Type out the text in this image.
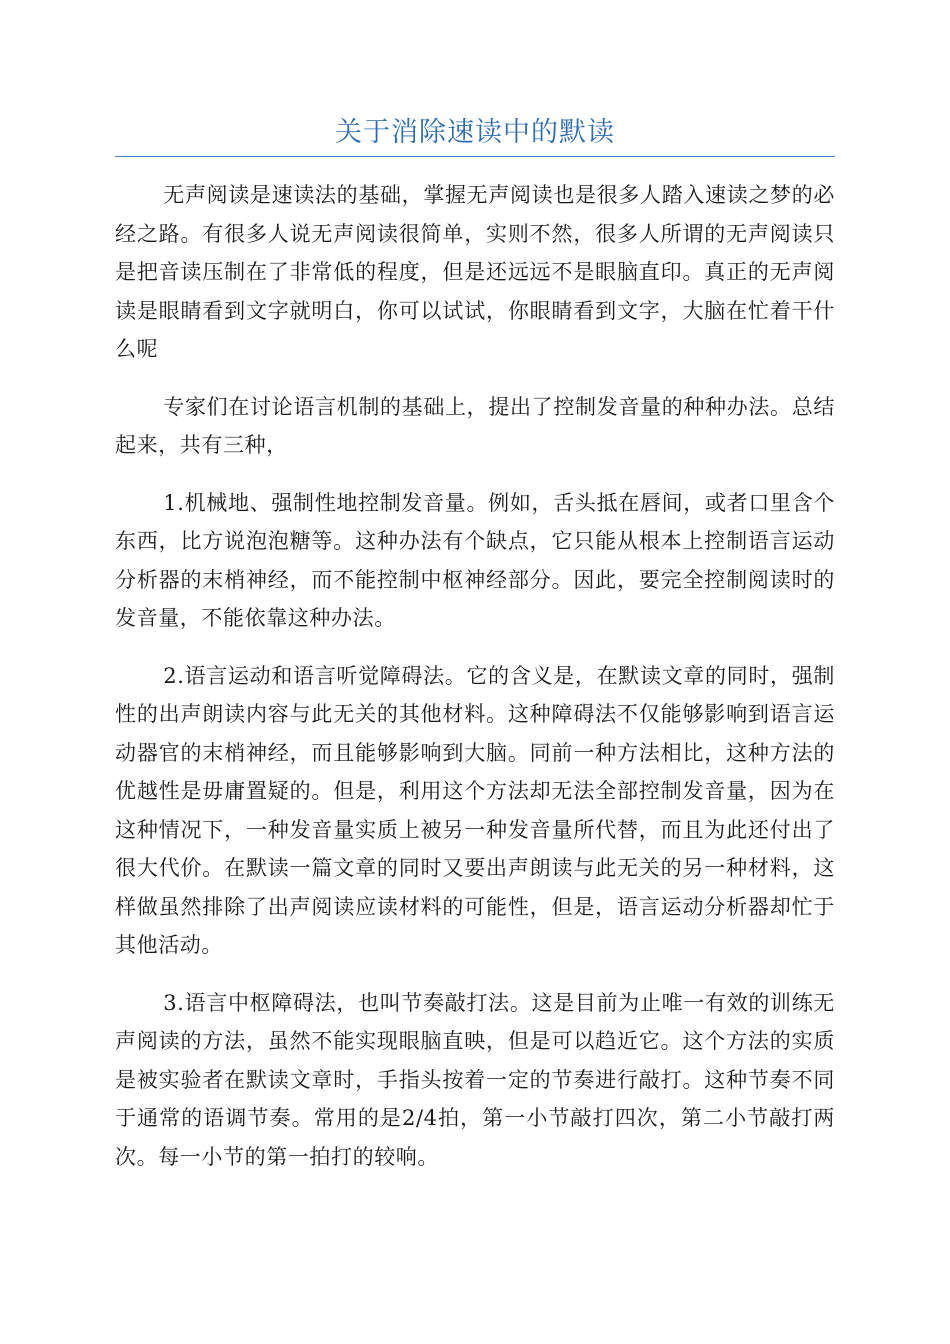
关于消除速读中的默读

无声阅读是速读法的基础，掌握无声阅读也是很多人踏入速读之梦的必经之路。有很多人说无声阅读很简单，实则不然，很多人所谓的无声阅读只是把音读压制在了非常低的程度，但是还远远不是眼脑直印。真正的无声阅读是眼睛看到文字就明白，你可以试试，你眼睛看到文字，大脑在忙着干什么呢

专家们在讨论语言机制的基础上，提出了控制发音量的种种办法。总结起来，共有三种，

1.机械地、强制性地控制发音量。例如，舌头抵在唇间，或者口里含个东西，比方说泡泡糖等。这种办法有个缺点，它只能从根本上控制语言运动分析器的末梢神经，而不能控制中枢神经部分。因此，要完全控制阅读时的发音量，不能依靠这种办法。

2.语言运动和语言听觉障碍法。它的含义是，在默读文章的同时，强制性的出声朗读内容与此无关的其他材料。这种障碍法不仅能够影响到语言运动器官的末梢神经，而且能够影响到大脑。同前一种方法相比，这种方法的优越性是毋庸置疑的。但是，利用这个方法却无法全部控制发音量，因为在这种情况下，一种发音量实质上被另一种发音量所代替，而且为此还付出了很大代价。在默读一篇文章的同时又要出声朗读与此无关的另一种材料，这样做虽然排除了出声阅读应读材料的可能性，但是，语言运动分析器却忙于其他活动。

3.语言中枢障碍法，也叫节奏敲打法。这是目前为止唯一有效的训练无声阅读的方法，虽然不能实现眼脑直映，但是可以趋近它。这个方法的实质是被实验者在默读文章时，手指头按着一定的节奏进行敲打。这种节奏不同于通常的语调节奏。常用的是2/4拍，第一小节敲打四次，第二小节敲打两次。每一小节的第一拍打的较响。
